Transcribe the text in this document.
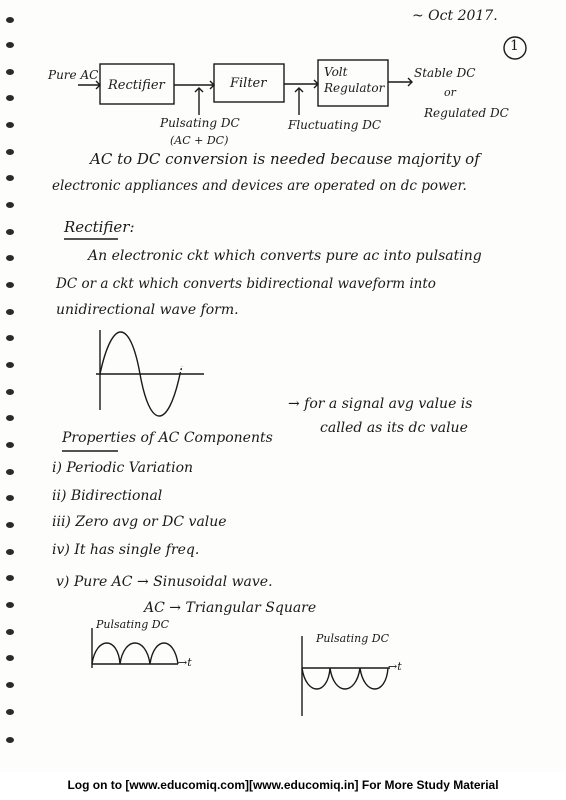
~ Oct 2017.
1
Pure AC
Rectifier	Filter
Volt Regulator
Stable DC
or
Regulated DC
Pulsating DC
(AC + DC)
Fluctuating DC
AC to DC conversion is needed because majority of
electronic appliances and devices are operated on dc power.
Rectifier:
An electronic ckt which converts pure ac into pulsating
DC or a ckt which converts bidirectional waveform into
unidirectional wave form.
→ for a signal avg value is
called as its dc value
Properties of AC Components
i) Periodic Variation
ii) Bidirectional
iii) Zero avg or DC value
iv) It has single freq.
v) Pure AC → Sinusoidal wave.
AC → Triangular Square
Pulsating DC
→t
Pulsating DC
→t
Log on to [www.educomiq.com][www.educomiq.in] For More Study Material
